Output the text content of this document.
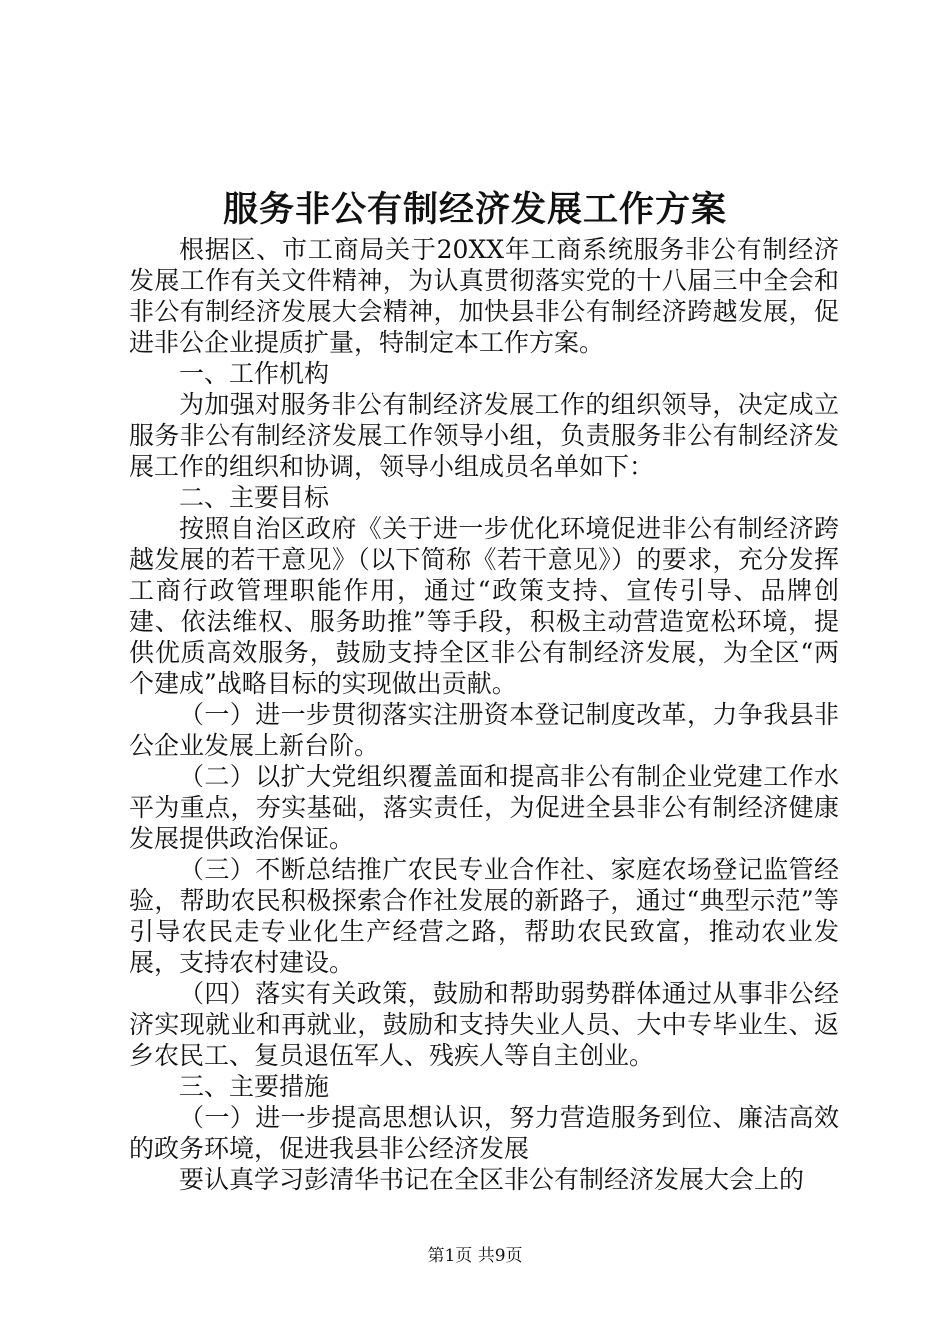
服务非公有制经济发展工作方案

根据区、市工商局关于20XX年工商系统服务非公有制经济发展工作有关文件精神，为认真贯彻落实党的十八届三中全会和非公有制经济发展大会精神，加快县非公有制经济跨越发展，促进非公企业提质扩量，特制定本工作方案。

一、工作机构

为加强对服务非公有制经济发展工作的组织领导，决定成立服务非公有制经济发展工作领导小组，负责服务非公有制经济发展工作的组织和协调，领导小组成员名单如下：

二、主要目标

按照自治区政府《关于进一步优化环境促进非公有制经济跨越发展的若干意见》（以下简称《若干意见》）的要求，充分发挥工商行政管理职能作用，通过“政策支持、宣传引导、品牌创建、依法维权、服务助推”等手段，积极主动营造宽松环境，提供优质高效服务，鼓励支持全区非公有制经济发展，为全区“两个建成”战略目标的实现做出贡献。

（一）进一步贯彻落实注册资本登记制度改革，力争我县非公企业发展上新台阶。

（二）以扩大党组织覆盖面和提高非公有制企业党建工作水平为重点，夯实基础，落实责任，为促进全县非公有制经济健康发展提供政治保证。

（三）不断总结推广农民专业合作社、家庭农场登记监管经验，帮助农民积极探索合作社发展的新路子，通过“典型示范”等引导农民走专业化生产经营之路，帮助农民致富，推动农业发展，支持农村建设。

（四）落实有关政策，鼓励和帮助弱势群体通过从事非公经济实现就业和再就业，鼓励和支持失业人员、大中专毕业生、返乡农民工、复员退伍军人、残疾人等自主创业。

三、主要措施

（一）进一步提高思想认识，努力营造服务到位、廉洁高效的政务环境，促进我县非公经济发展

要认真学习彭清华书记在全区非公有制经济发展大会上的

第1页 共9页
